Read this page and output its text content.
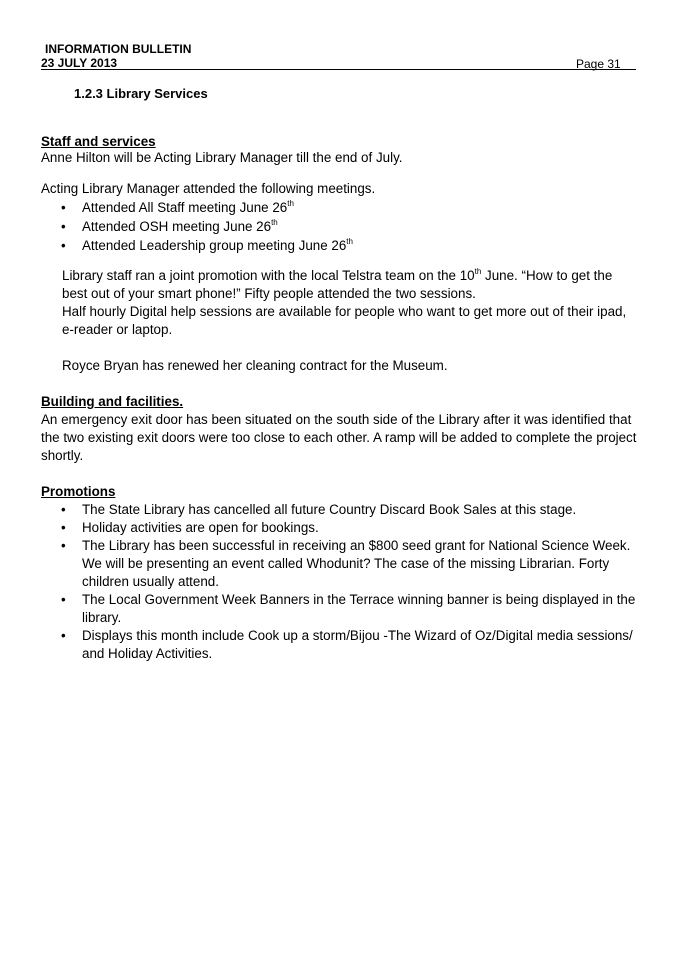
INFORMATION BULLETIN
23 JULY 2013	Page 31
1.2.3 Library Services
Staff and services
Anne Hilton will be Acting Library Manager till the end of July.
Acting Library Manager attended the following meetings.
• Attended All Staff meeting June 26th
• Attended OSH meeting June 26th
• Attended Leadership group meeting June 26th

Library staff ran a joint promotion with the local Telstra team on the 10th June. “How to get the best out of your smart phone!” Fifty people attended the two sessions.

Half hourly Digital help sessions are available for people who want to get more out of their ipad, e-reader or laptop.

Royce Bryan has renewed her cleaning contract for the Museum.

Building and facilities.

An emergency exit door has been situated on the south side of the Library after it was identified that the two existing exit doors were too close to each other. A ramp will be added to complete the project shortly.

Promotions
• The State Library has cancelled all future Country Discard Book Sales at this stage.
• Holiday activities are open for bookings.
• The Library has been successful in receiving an $800 seed grant for National Science Week. We will be presenting an event called Whodunit? The case of the missing Librarian. Forty children usually attend.
• The Local Government Week Banners in the Terrace winning banner is being displayed in the library.
• Displays this month include Cook up a storm/Bijou -The Wizard of Oz/Digital media sessions/ and Holiday Activities.
